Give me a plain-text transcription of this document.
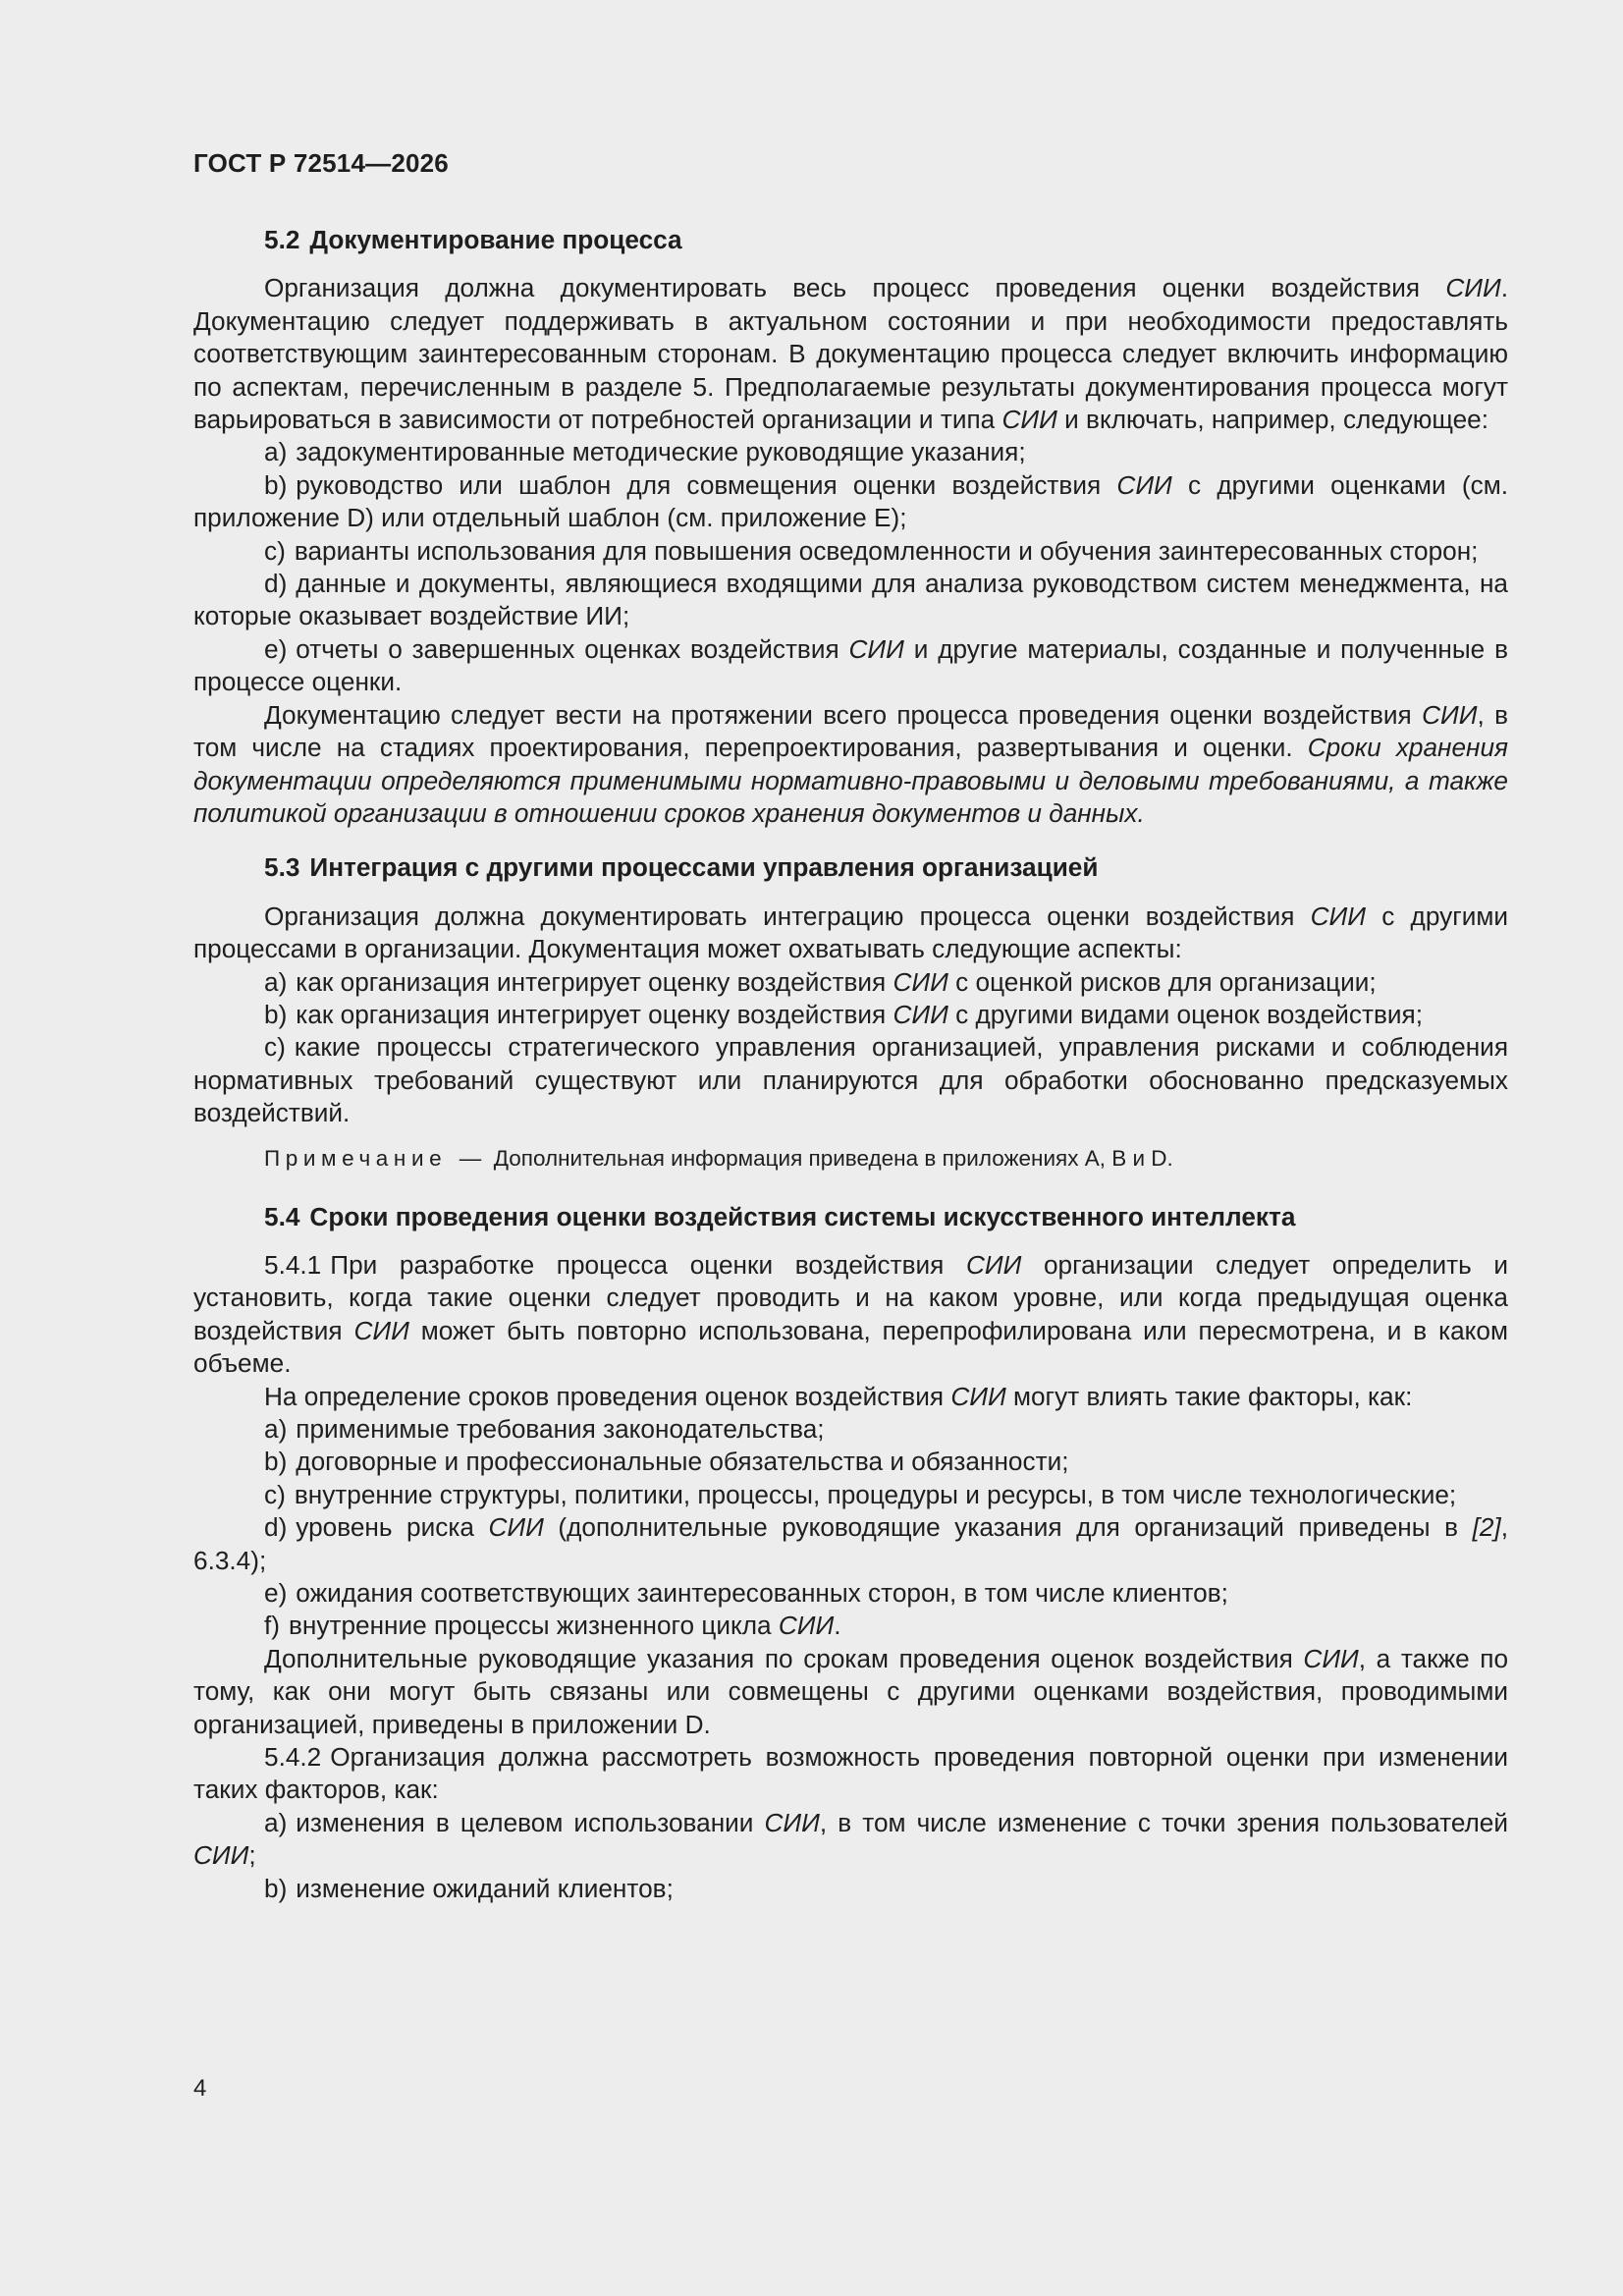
ГОСТ Р 72514—2026
5.2 Документирование процесса

Организация должна документировать весь процесс проведения оценки воздействия СИИ. Документацию следует поддерживать в актуальном состоянии и при необходимости предоставлять соответствующим заинтересованным сторонам. В документацию процесса следует включить информацию по аспектам, перечисленным в разделе 5. Предполагаемые результаты документирования процесса могут варьироваться в зависимости от потребностей организации и типа СИИ и включать, например, следующее:

a) задокументированные методические руководящие указания;

b) руководство или шаблон для совмещения оценки воздействия СИИ с другими оценками (см. приложение D) или отдельный шаблон (см. приложение E);

c) варианты использования для повышения осведомленности и обучения заинтересованных сторон;

d) данные и документы, являющиеся входящими для анализа руководством систем менеджмента, на которые оказывает воздействие ИИ;

e) отчеты о завершенных оценках воздействия СИИ и другие материалы, созданные и полученные в процессе оценки.

Документацию следует вести на протяжении всего процесса проведения оценки воздействия СИИ, в том числе на стадиях проектирования, перепроектирования, развертывания и оценки. Сроки хранения документации определяются применимыми нормативно-правовыми и деловыми требованиями, а также политикой организации в отношении сроков хранения документов и данных.

5.3 Интеграция с другими процессами управления организацией

Организация должна документировать интеграцию процесса оценки воздействия СИИ с другими процессами в организации. Документация может охватывать следующие аспекты:

a) как организация интегрирует оценку воздействия СИИ с оценкой рисков для организации;

b) как организация интегрирует оценку воздействия СИИ с другими видами оценок воздействия;

c) какие процессы стратегического управления организацией, управления рисками и соблюдения нормативных требований существуют или планируются для обработки обоснованно предсказуемых воздействий.

Примечание — Дополнительная информация приведена в приложениях A, B и D.

5.4 Сроки проведения оценки воздействия системы искусственного интеллекта

5.4.1 При разработке процесса оценки воздействия СИИ организации следует определить и установить, когда такие оценки следует проводить и на каком уровне, или когда предыдущая оценка воздействия СИИ может быть повторно использована, перепрофилирована или пересмотрена, и в каком объеме.

На определение сроков проведения оценок воздействия СИИ могут влиять такие факторы, как:

a) применимые требования законодательства;

b) договорные и профессиональные обязательства и обязанности;

c) внутренние структуры, политики, процессы, процедуры и ресурсы, в том числе технологические;

d) уровень риска СИИ (дополнительные руководящие указания для организаций приведены в [2], 6.3.4);

e) ожидания соответствующих заинтересованных сторон, в том числе клиентов;

f) внутренние процессы жизненного цикла СИИ.

Дополнительные руководящие указания по срокам проведения оценок воздействия СИИ, а также по тому, как они могут быть связаны или совмещены с другими оценками воздействия, проводимыми организацией, приведены в приложении D.

5.4.2 Организация должна рассмотреть возможность проведения повторной оценки при изменении таких факторов, как:

a) изменения в целевом использовании СИИ, в том числе изменение с точки зрения пользователей СИИ;

b) изменение ожиданий клиентов;

4
